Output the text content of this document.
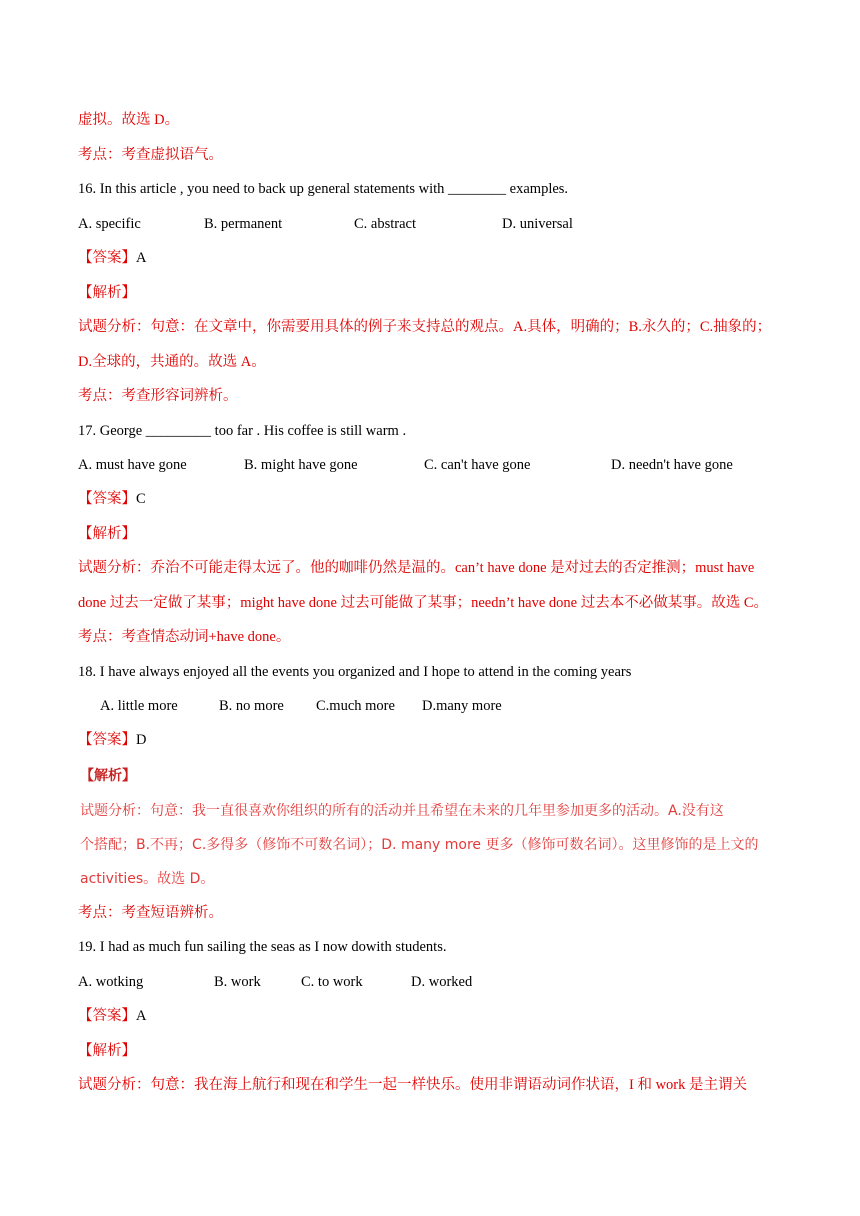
虚拟。故选 D。
考点：考查虚拟语气。
16. In this article , you need to back up general statements with ________ examples.
A. specific	B. permanent	C. abstract	D. universal
【答案】A
【解析】
试题分析：句意：在文章中，你需要用具体的例子来支持总的观点。A.具体，明确的；B.永久的；C.抽象的；
D.全球的，共通的。故选 A。
考点：考查形容词辨析。
17. George _________ too far . His coffee is still warm .
A. must have gone	B. might have gone	C. can't have gone	D. needn't have gone
【答案】C
【解析】
试题分析：乔治不可能走得太远了。他的咖啡仍然是温的。can’t have done 是对过去的否定推测；must have
done 过去一定做了某事；might have done 过去可能做了某事；needn’t have done 过去本不必做某事。故选 C。
考点：考查情态动词+have done。
18. I have always enjoyed all the events you organized and I hope to attend in the coming years
A. little more	B. no more C.much more D.many more
【答案】D
【解析】
试题分析：句意：我一直很喜欢你组织的所有的活动并且希望在未来的几年里参加更多的活动。A.没有这
个搭配；B.不再；C.多得多（修饰不可数名词）；D. many more 更多（修饰可数名词）。这里修饰的是上文的
activities。故选 D。
考点：考查短语辨析。
19. I had as much fun sailing the seas as I now dowith students.
A. wotking	B. work	C. to work	D. worked
【答案】A
【解析】
试题分析：句意：我在海上航行和现在和学生一起一样快乐。使用非谓语动词作状语，I 和 work 是主谓关
